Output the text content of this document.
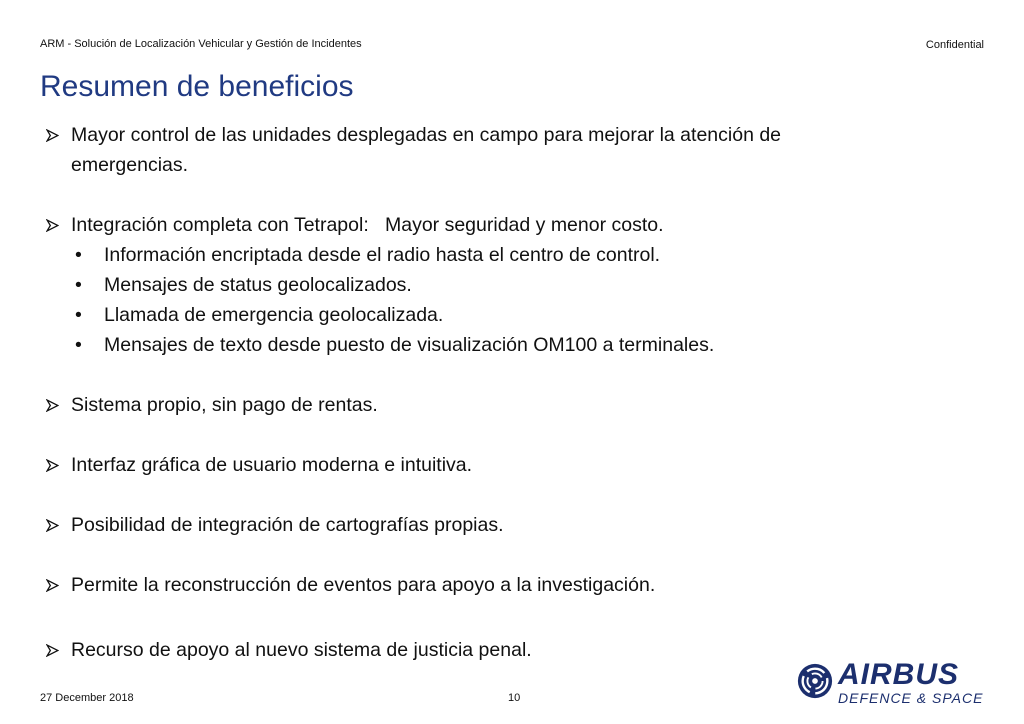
ARM - Solución de Localización Vehicular y Gestión de Incidentes	Confidential
Resumen de beneficios
Mayor control de las unidades desplegadas en campo para mejorar la atención de
emergencias.
Integración completa con Tetrapol:   Mayor seguridad y menor costo.
•	Información encriptada desde el radio hasta el centro de control.
•	Mensajes de status geolocalizados.
•	Llamada de emergencia geolocalizada.
•	Mensajes de texto desde puesto de visualización OM100 a terminales.
Sistema propio, sin pago de rentas.
Interfaz gráfica de usuario moderna e intuitiva.
Posibilidad de integración de cartografías propias.
Permite la reconstrucción de eventos para apoyo a la investigación.
Recurso de apoyo al nuevo sistema de justicia penal.
27 December 2018	10
AIRBUS
DEFENCE & SPACE
